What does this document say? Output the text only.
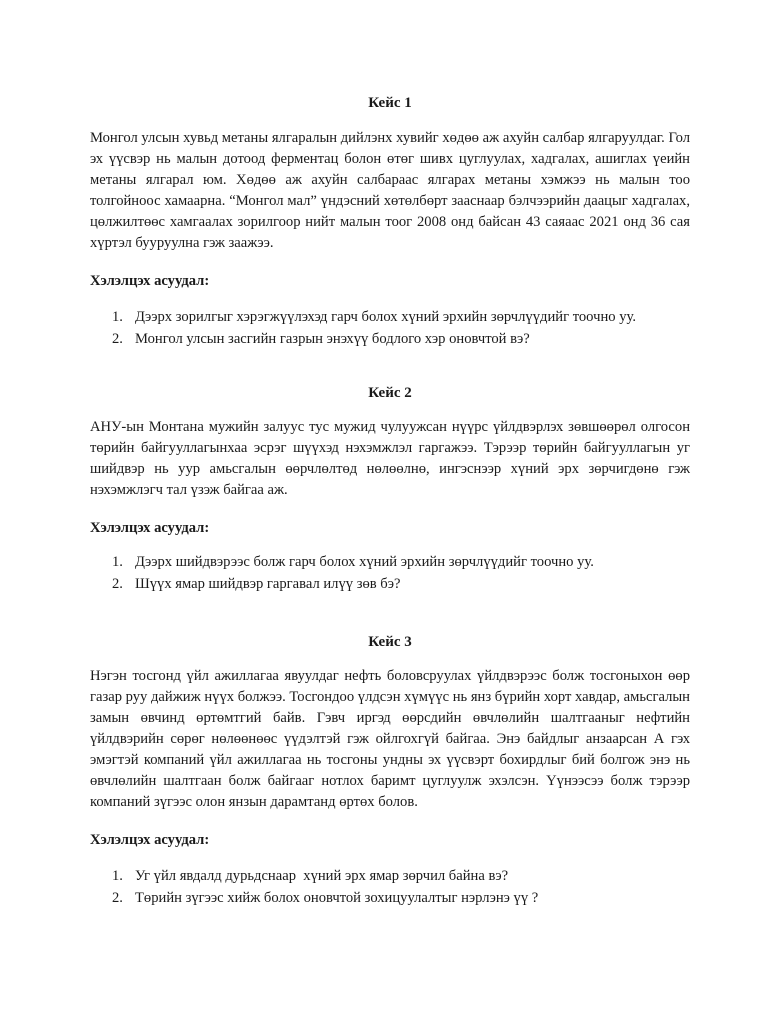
Кейс 1

Монгол улсын хувьд метаны ялгаралын дийлэнх хувийг хөдөө аж ахуйн салбар ялгаруулдаг. Гол эх үүсвэр нь малын дотоод ферментац болон өтөг шивх цуглуулах, хадгалах, ашиглах үеийн метаны ялгарал юм. Хөдөө аж ахуйн салбараас ялгарах метаны хэмжээ нь малын тоо толгойноос хамаарна. “Монгол мал” үндэсний хөтөлбөрт зааснаар бэлчээрийн даацыг хадгалах, цөлжилтөөс хамгаалах зорилгоор нийт малын тоог 2008 онд байсан 43 саяаас 2021 онд 36 сая хүртэл бууруулна гэж заажээ.

Хэлэлцэх асуудал:

1. Дээрх зорилгыг хэрэгжүүлэхэд гарч болох хүний эрхийн зөрчлүүдийг тоочно уу.
2. Монгол улсын засгийн газрын энэхүү бодлого хэр оновчтой вэ?
Кейс 2

АНУ-ын Монтана мужийн залуус тус мужид чулуужсан нүүрс үйлдвэрлэх зөвшөөрөл олгосон төрийн байгууллагынхаа эсрэг шүүхэд нэхэмжлэл гаргажээ. Тэрээр төрийн байгууллагын уг шийдвэр нь уур амьсгалын өөрчлөлтөд нөлөөлнө, ингэснээр хүний эрх зөрчигдөнө гэж нэхэмжлэгч тал үзэж байгаа аж.

Хэлэлцэх асуудал:

1. Дээрх шийдвэрээс болж гарч болох хүний эрхийн зөрчлүүдийг тоочно уу.
2. Шүүх ямар шийдвэр гаргавал илүү зөв бэ?
Кейс 3

Нэгэн тосгонд үйл ажиллагаа явуулдаг нефть боловсруулах үйлдвэрээс болж тосгоныхон өөр газар руу дайжиж нүүх болжээ. Тосгондоо үлдсэн хүмүүс нь янз бүрийн хорт хавдар, амьсгалын замын өвчинд өртөмтгий байв. Гэвч иргэд өөрсдийн өвчлөлийн шалтгааныг нефтийн үйлдвэрийн сөрөг нөлөөнөөс үүдэлтэй гэж ойлгохгүй байгаа. Энэ байдлыг анзаарсан А гэх эмэгтэй компаний үйл ажиллагаа нь тосгоны ундны эх үүсвэрт бохирдлыг бий болгож энэ нь өвчлөлийн шалтгаан болж байгааг нотлох баримт цуглуулж эхэлсэн. Үүнээсээ болж тэрээр компаний зүгээс олон янзын дарамтанд өртөх болов.

Хэлэлцэх асуудал:

1. Уг үйл явдалд дурьдснаар  хүний эрх ямар зөрчил байна вэ?
2. Төрийн зүгээс хийж болох оновчтой зохицуулалтыг нэрлэнэ үү ?
